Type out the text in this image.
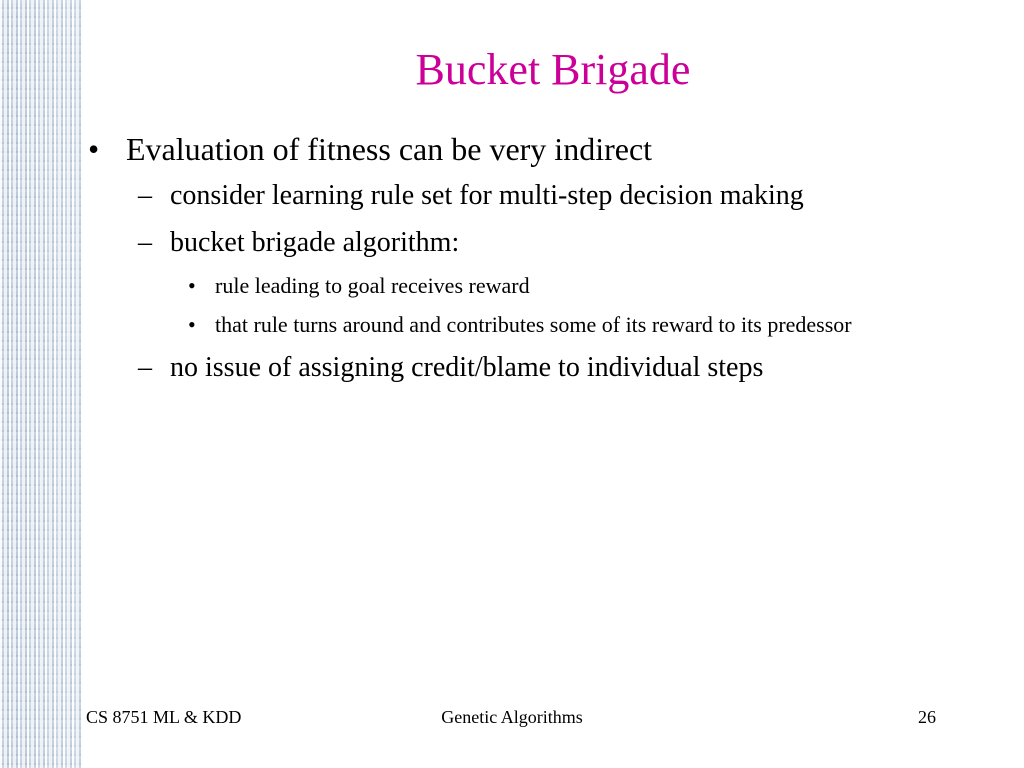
Bucket Brigade
• Evaluation of fitness can be very indirect
– consider learning rule set for multi-step decision making
– bucket brigade algorithm:
• rule leading to goal receives reward
• that rule turns around and contributes some of its reward to its predessor
– no issue of assigning credit/blame to individual steps
CS 8751 ML & KDD	Genetic Algorithms	26
